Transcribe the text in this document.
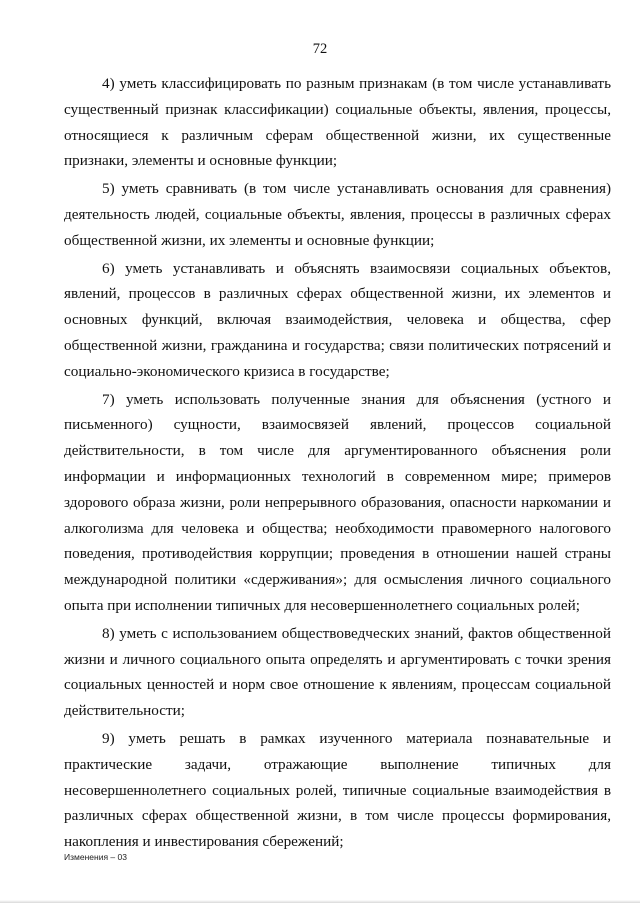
72

4) уметь классифицировать по разным признакам (в том числе устанавливать существенный признак классификации) социальные объекты, явления, процессы, относящиеся к различным сферам общественной жизни, их существенные признаки, элементы и основные функции;

5) уметь сравнивать (в том числе устанавливать основания для сравнения) деятельность людей, социальные объекты, явления, процессы в различных сферах общественной жизни, их элементы и основные функции;

6) уметь устанавливать и объяснять взаимосвязи социальных объектов, явлений, процессов в различных сферах общественной жизни, их элементов и основных функций, включая взаимодействия, человека и общества, сфер общественной жизни, гражданина и государства; связи политических потрясений и социально-экономического кризиса в государстве;

7) уметь использовать полученные знания для объяснения (устного и письменного) сущности, взаимосвязей явлений, процессов социальной действительности, в том числе для аргументированного объяснения роли информации и информационных технологий в современном мире; примеров здорового образа жизни, роли непрерывного образования, опасности наркомании и алкоголизма для человека и общества; необходимости правомерного налогового поведения, противодействия коррупции; проведения в отношении нашей страны международной политики «сдерживания»; для осмысления личного социального опыта при исполнении типичных для несовершеннолетнего социальных ролей;

8) уметь с использованием обществоведческих знаний, фактов общественной жизни и личного социального опыта определять и аргументировать с точки зрения социальных ценностей и норм свое отношение к явлениям, процессам социальной действительности;

9) уметь решать в рамках изученного материала познавательные и практические задачи, отражающие выполнение типичных для несовершеннолетнего социальных ролей, типичные социальные взаимодействия в различных сферах общественной жизни, в том числе процессы формирования, накопления и инвестирования сбережений;

Изменения – 03
